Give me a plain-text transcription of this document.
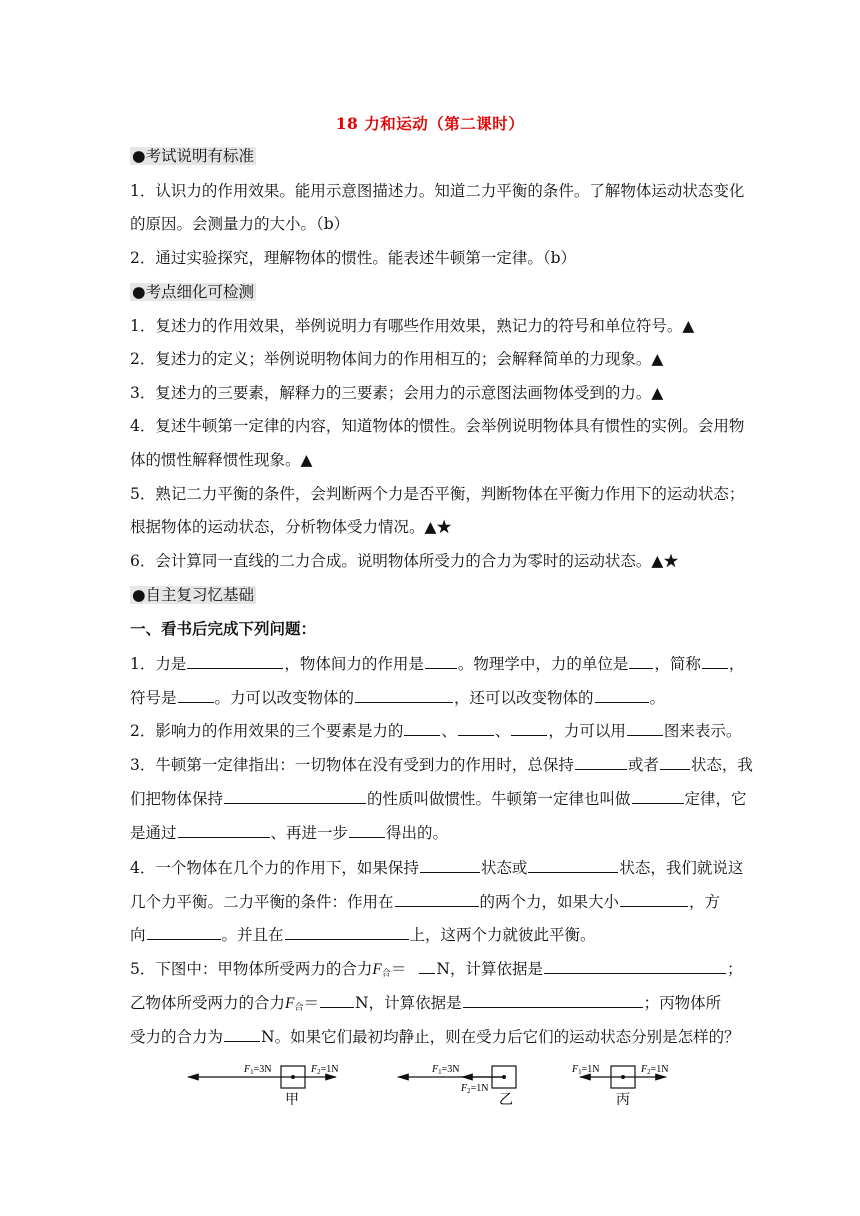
18 力和运动（第二课时）
●考试说明有标准
1．认识力的作用效果。能用示意图描述力。知道二力平衡的条件。了解物体运动状态变化
的原因。会测量力的大小。（b）
2．通过实验探究，理解物体的惯性。能表述牛顿第一定律。（b）
●考点细化可检测
1．复述力的作用效果，举例说明力有哪些作用效果，熟记力的符号和单位符号。▲
2．复述力的定义；举例说明物体间力的作用相互的；会解释简单的力现象。▲
3．复述力的三要素，解释力的三要素；会用力的示意图法画物体受到的力。▲
4．复述牛顿第一定律的内容，知道物体的惯性。会举例说明物体具有惯性的实例。会用物
体的惯性解释惯性现象。▲
5．熟记二力平衡的条件，会判断两个力是否平衡，判断物体在平衡力作用下的运动状态；
根据物体的运动状态，分析物体受力情况。▲★
6．会计算同一直线的二力合成。说明物体所受力的合力为零时的运动状态。▲★
●自主复习忆基础
一、看书后完成下列问题：
1．力是	，物体间力的作用是 。物理学中，力的单位是 ，简称 ，
符号是 。力可以改变物体的	，还可以改变物体的	。
2．影响力的作用效果的三个要素是力的 、 、 ，力可以用 图来表示。
3．牛顿第一定律指出：一切物体在没有受到力的作用时，总保持	或者 状态，我
们把物体保持	的性质叫做惯性。牛顿第一定律也叫做	定律，它
是通过	、再进一步 得出的。
4．一个物体在几个力的作用下，如果保持	状态或	状态，我们就说这
几个力平衡。二力平衡的条件：作用在	的两个力，如果大小	，方
向	。并且在	上，这两个力就彼此平衡。
5．下图中：甲物体所受两力的合力$F_合= N$，计算依据是	；
乙物体所受两力的合力$F_合= N$，计算依据是	；丙物体所
受力的合力为 N。如果它们最初均静止，则在受力后它们的运动状态分别是怎样的？
$F_1=3N$	$F_2=1N$
甲
$F_1=3N$
$F_2=1N$
乙
$F_1=1N$	$F_2=1N$
丙
